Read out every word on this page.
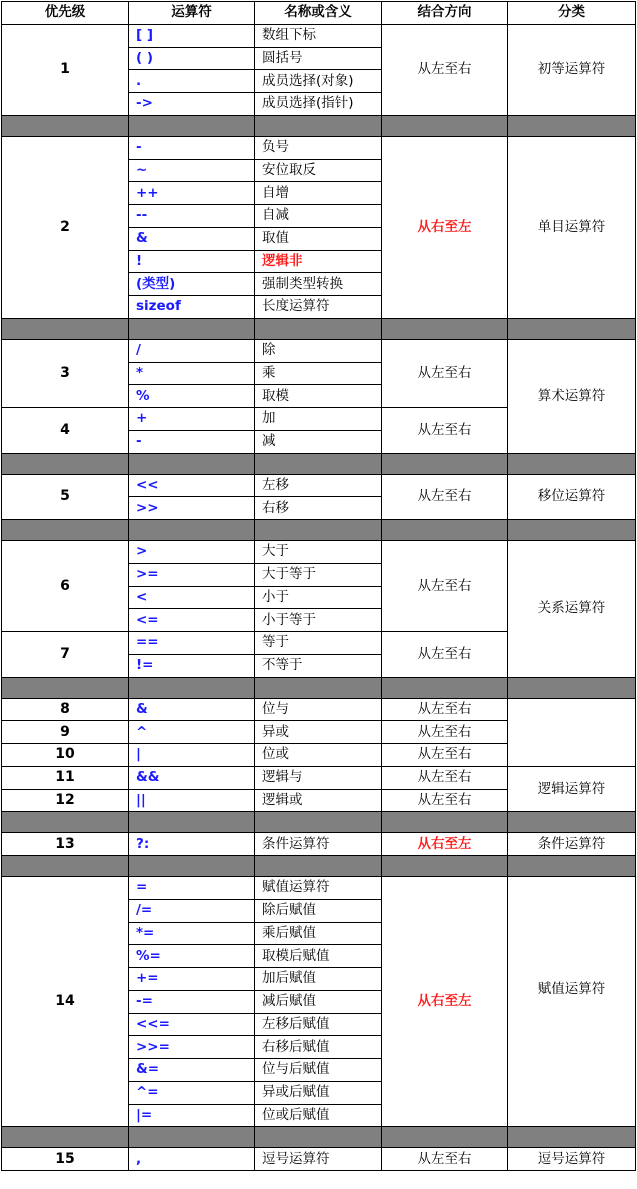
优先级	运算符	名称或含义	结合方向	分类
1	[ ]	数组下标	从左至右	初等运算符
	( )	圆括号		
	.	成员选择(对象)		
	->	成员选择(指针)		

2	-	负号	从右至左	单目运算符
	~	安位取反		
	++	自增		
	--	自减		
	&	取值		
	!	逻辑非		
	(类型)	强制类型转换		
	sizeof	长度运算符		

3	/	除	从左至右	算术运算符
	*	乘		
	%	取模		
4	+	加	从左至右	
	-	减		

5	<<	左移	从左至右	移位运算符
	>>	右移		

6	>	大于	从左至右	关系运算符
	>=	大于等于		
	<	小于		
	<=	小于等于		
7	==	等于	从左至右	
	!=	不等于		

8	&	位与	从左至右	
9	^	异或	从左至右	
10	|	位或	从左至右	
11	&&	逻辑与	从左至右	逻辑运算符
12	||	逻辑或	从左至右	

13	?:	条件运算符	从右至左	条件运算符

14	=	赋值运算符	从右至左	赋值运算符
	/=	除后赋值		
	*=	乘后赋值		
	%=	取模后赋值		
	+=	加后赋值		
	-=	减后赋值		
	<<=	左移后赋值		
	>>=	右移后赋值		
	&=	位与后赋值		
	^=	异或后赋值		
	|=	位或后赋值		

15	,	逗号运算符	从左至右	逗号运算符
